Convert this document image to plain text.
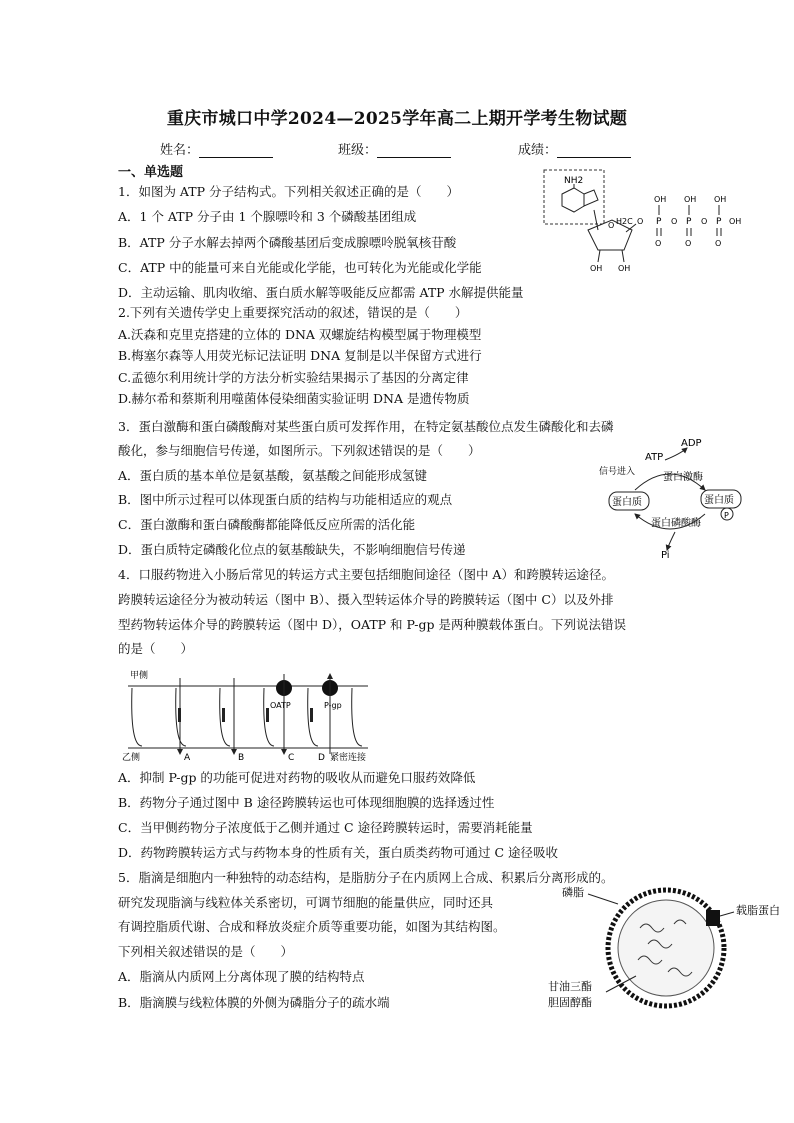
重庆市城口中学2024—2025学年高二上期开学考生物试题
姓名：	班级：	成绩：
一、单选题
1．如图为 ATP 分子结构式。下列相关叙述正确的是（　　）
A．1 个 ATP 分子由 1 个腺嘌呤和 3 个磷酸基团组成
B．ATP 分子水解去掉两个磷酸基团后变成腺嘌呤脱氧核苷酸
C．ATP 中的能量可来自光能或化学能，也可转化为光能或化学能
D．主动运输、肌肉收缩、蛋白质水解等吸能反应都需 ATP 水解提供能量
2.下列有关遗传学史上重要探究活动的叙述，错误的是（　　）
A.沃森和克里克搭建的立体的 DNA 双螺旋结构模型属于物理模型
B.梅塞尔森等人用荧光标记法证明 DNA 复制是以半保留方式进行
C.孟德尔利用统计学的方法分析实验结果揭示了基因的分离定律
D.赫尔希和蔡斯利用噬菌体侵染细菌实验证明 DNA 是遗传物质
3．蛋白激酶和蛋白磷酸酶对某些蛋白质可发挥作用，在特定氨基酸位点发生磷酸化和去磷
酸化，参与细胞信号传递，如图所示。下列叙述错误的是（　　）
A．蛋白质的基本单位是氨基酸，氨基酸之间能形成氢键
B．图中所示过程可以体现蛋白质的结构与功能相适应的观点
C．蛋白激酶和蛋白磷酸酶都能降低反应所需的活化能
D．蛋白质特定磷酸化位点的氨基酸缺失，不影响细胞信号传递
4．口服药物进入小肠后常见的转运方式主要包括细胞间途径（图中 A）和跨膜转运途径。
跨膜转运途径分为被动转运（图中 B）、摄入型转运体介导的跨膜转运（图中 C）以及外排
型药物转运体介导的跨膜转运（图中 D），OATP 和 P-gp 是两种膜载体蛋白。下列说法错误
的是（　　）
A．抑制 P-gp 的功能可促进对药物的吸收从而避免口服药效降低
B．药物分子通过图中 B 途径跨膜转运也可体现细胞膜的选择透过性
C．当甲侧药物分子浓度低于乙侧并通过 C 途径跨膜转运时，需要消耗能量
D．药物跨膜转运方式与药物本身的性质有关，蛋白质类药物可通过 C 途径吸收
5．脂滴是细胞内一种独特的动态结构，是脂肪分子在内质网上合成、积累后分离形成的。
研究发现脂滴与线粒体关系密切，可调节细胞的能量供应，同时还具
有调控脂质代谢、合成和释放炎症介质等重要功能，如图为其结构图。
下列相关叙述错误的是（　　）
A．脂滴从内质网上分离体现了膜的结构特点
B．脂滴膜与线粒体膜的外侧为磷脂分子的疏水端
NH2
O
OH OH
H2C O P	P	P
O	O	OH
OH OH OH
O	O	O
ADP
ATP
信号进入	蛋白激酶
蛋白质	蛋白质
P
蛋白磷酸酶
Pi
甲侧
OATP	P-gp
乙侧	A	B	C	D 紧密连接
磷脂
载脂蛋白
甘油三酯
胆固醇酯
